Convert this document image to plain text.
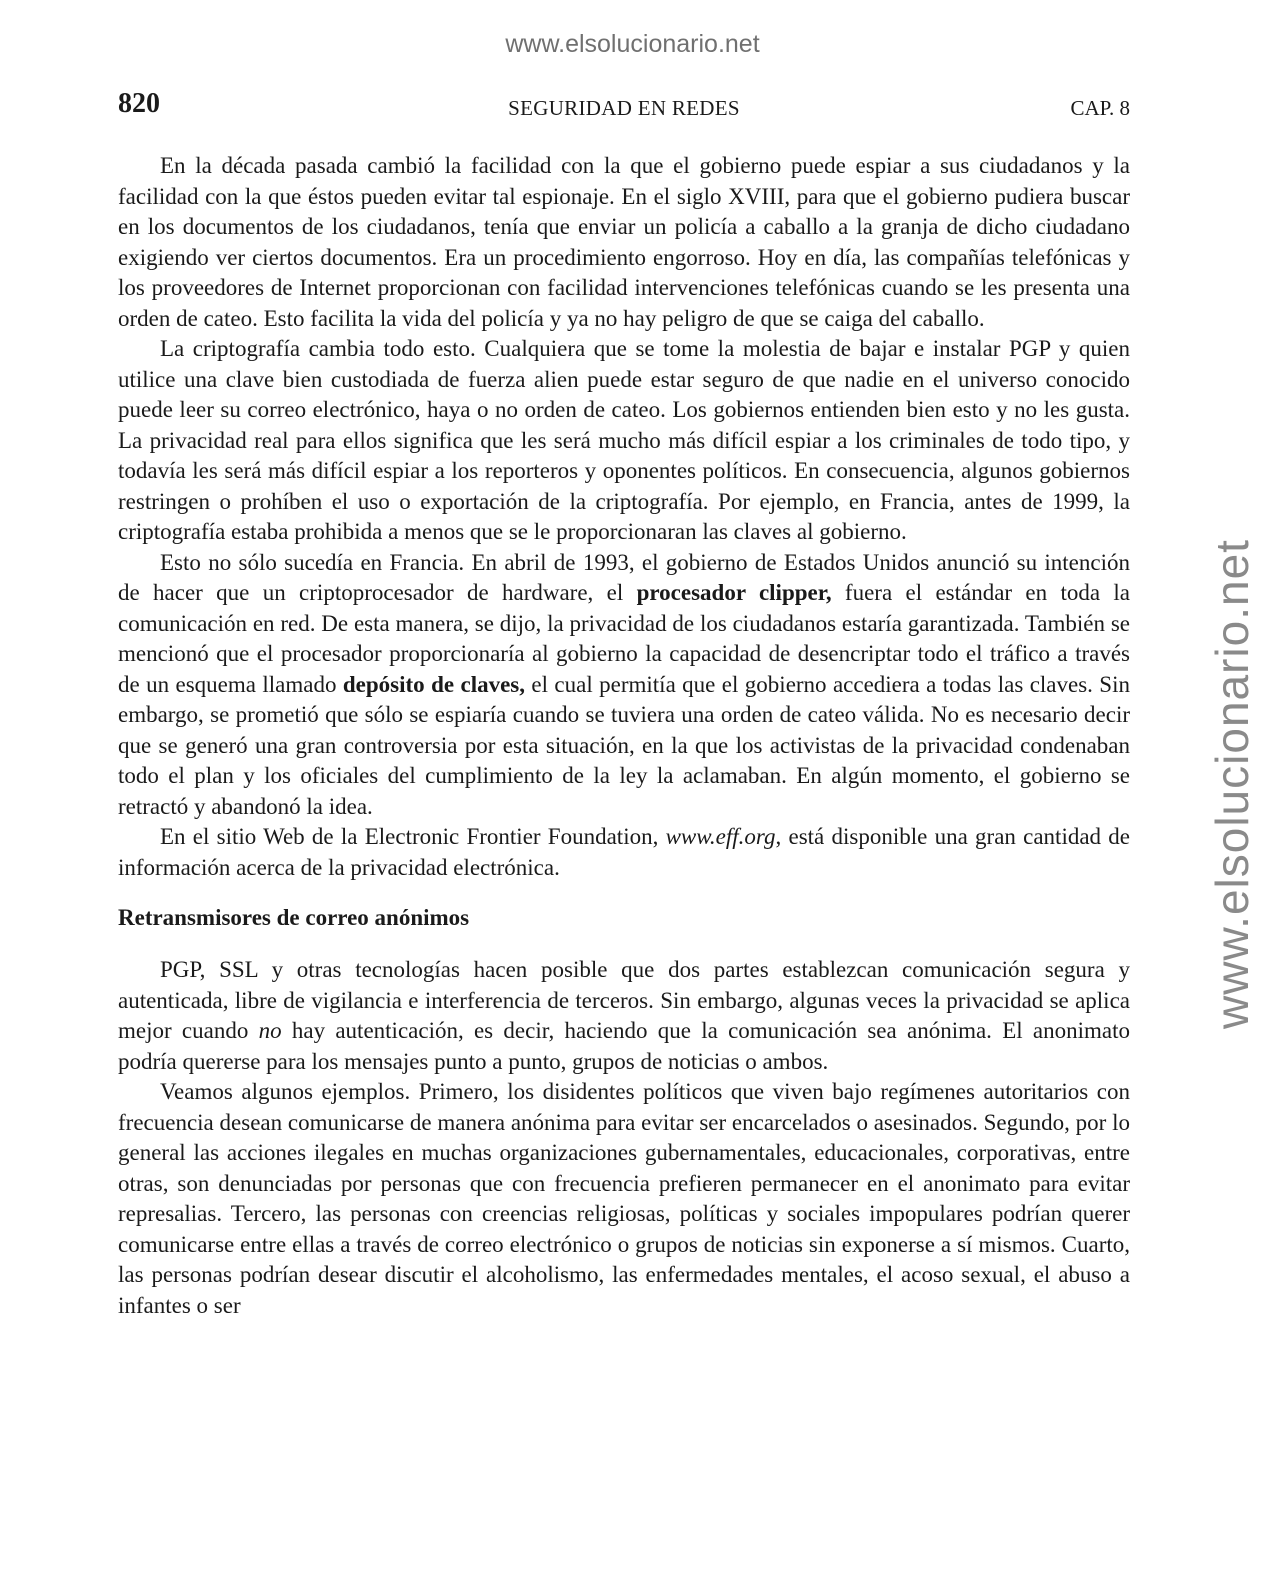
www.elsolucionario.net
www.elsolucionario.net
820	SEGURIDAD EN REDES	CAP. 8

En la década pasada cambió la facilidad con la que el gobierno puede espiar a sus ciudadanos y la facilidad con la que éstos pueden evitar tal espionaje. En el siglo XVIII, para que el gobierno pudiera buscar en los documentos de los ciudadanos, tenía que enviar un policía a caballo a la granja de dicho ciudadano exigiendo ver ciertos documentos. Era un procedimiento engorroso. Hoy en día, las compañías telefónicas y los proveedores de Internet proporcionan con facilidad intervenciones telefónicas cuando se les presenta una orden de cateo. Esto facilita la vida del policía y ya no hay peligro de que se caiga del caballo.

La criptografía cambia todo esto. Cualquiera que se tome la molestia de bajar e instalar PGP y quien utilice una clave bien custodiada de fuerza alien puede estar seguro de que nadie en el universo conocido puede leer su correo electrónico, haya o no orden de cateo. Los gobiernos entienden bien esto y no les gusta. La privacidad real para ellos significa que les será mucho más difícil espiar a los criminales de todo tipo, y todavía les será más difícil espiar a los reporteros y oponentes políticos. En consecuencia, algunos gobiernos restringen o prohíben el uso o exportación de la criptografía. Por ejemplo, en Francia, antes de 1999, la criptografía estaba prohibida a menos que se le proporcionaran las claves al gobierno.

Esto no sólo sucedía en Francia. En abril de 1993, el gobierno de Estados Unidos anunció su intención de hacer que un criptoprocesador de hardware, el procesador clipper, fuera el estándar en toda la comunicación en red. De esta manera, se dijo, la privacidad de los ciudadanos estaría garantizada. También se mencionó que el procesador proporcionaría al gobierno la capacidad de desencriptar todo el tráfico a través de un esquema llamado depósito de claves, el cual permitía que el gobierno accediera a todas las claves. Sin embargo, se prometió que sólo se espiaría cuando se tuviera una orden de cateo válida. No es necesario decir que se generó una gran controversia por esta situación, en la que los activistas de la privacidad condenaban todo el plan y los oficiales del cumplimiento de la ley la aclamaban. En algún momento, el gobierno se retractó y abandonó la idea.

En el sitio Web de la Electronic Frontier Foundation, www.eff.org, está disponible una gran cantidad de información acerca de la privacidad electrónica.

Retransmisores de correo anónimos

PGP, SSL y otras tecnologías hacen posible que dos partes establezcan comunicación segura y autenticada, libre de vigilancia e interferencia de terceros. Sin embargo, algunas veces la privacidad se aplica mejor cuando no hay autenticación, es decir, haciendo que la comunicación sea anónima. El anonimato podría quererse para los mensajes punto a punto, grupos de noticias o ambos.

Veamos algunos ejemplos. Primero, los disidentes políticos que viven bajo regímenes autoritarios con frecuencia desean comunicarse de manera anónima para evitar ser encarcelados o asesinados. Segundo, por lo general las acciones ilegales en muchas organizaciones gubernamentales, educacionales, corporativas, entre otras, son denunciadas por personas que con frecuencia prefieren permanecer en el anonimato para evitar represalias. Tercero, las personas con creencias religiosas, políticas y sociales impopulares podrían querer comunicarse entre ellas a través de correo electrónico o grupos de noticias sin exponerse a sí mismos. Cuarto, las personas podrían desear discutir el alcoholismo, las enfermedades mentales, el acoso sexual, el abuso a infantes o ser
